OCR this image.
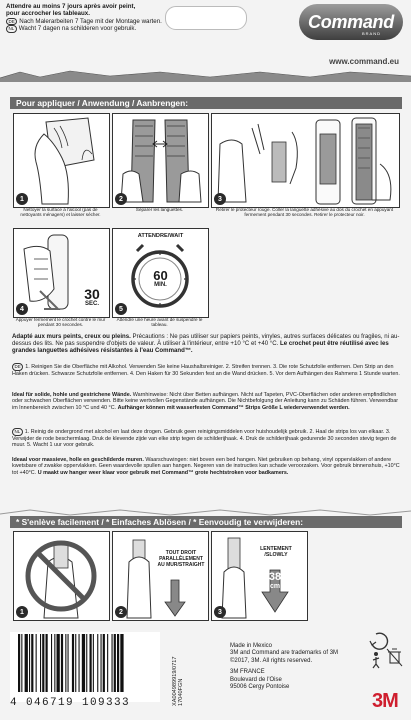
Attendre au moins 7 jours après avoir peint,
pour accrocher les tableaux.
DE Nach Malerarbeiten 7 Tage mit der Montage warten.
NL Wacht 7 dagen na schilderen voor gebruik.	Command
BRAND
www.command.eu
Pour appliquer / Anwendung / Aanbrengen:
1
Nettoyer la surface à l'alcool (pas de nettoyants ménagers) et laisser sécher.
2
Séparer les languettes.
3
Retirer le protecteur rouge. Coller la languette adhésive au dos du crochet en appuyant fermement pendant 30 secondes. Retirer le protecteur noir.
30
SEC.
4
Appuyer fermement le crochet contre le mur pendant 30 secondes.
ATTENDRE/WAIT
60
MIN.
5
Attendre une heure avant de suspendre le tableau.
Adapté aux murs peints, creux ou pleins. Précautions : Ne pas utiliser sur papiers peints, vinyles, autres surfaces délicates ou fragiles, ni au-dessus des lits. Ne pas suspendre d'objets de valeur. À utiliser à l'intérieur, entre +10 °C et +40 °C. Le crochet peut être réutilisé avec les grandes languettes adhésives résistantes à l'eau Command™.
DE 1. Reinigen Sie die Oberfläche mit Alkohol. Verwenden Sie keine Haushaltsreiniger. 2. Streifen trennen. 3. Die rote Schutzfolie entfernen. Den Strip an den Haken drücken. Schwarze Schutzfolie entfernen. 4. Den Haken für 30 Sekunden fest an die Wand drücken. 5. Vor dem Aufhängen des Rahmens 1 Stunde warten.
Ideal für solide, hohle und gestrichene Wände. Warnhinweise: Nicht über Betten aufhängen. Nicht auf Tapeten, PVC-Oberflächen oder anderen empfindlichen oder schwachen Oberflächen verwenden. Bitte keine wertvollen Gegenstände aufhängen. Die Nichtbefolgung der Anleitung kann zu Schäden führen. Verwendbar im Innenbereich zwischen 10 °C und 40 °C. Aufhänger können mit wasserfesten Command™ Strips Größe L wiederverwendet werden.
NL 1. Reinig de ondergrond met alcohol en laat deze drogen. Gebruik geen reinigingsmiddelen voor huishoudelijk gebruik. 2. Haal de strips los van elkaar. 3. Verwijder de rode beschermlaag. Druk de klevende zijde van elke strip tegen de schilderijhaak. 4. Druk de schilderijhaak gedurende 30 seconden stevig tegen de muur. 5. Wacht 1 uur voor gebruik.
Ideaal voor massieve, holle en geschilderde muren. Waarschuwingen: niet boven een bed hangen. Niet gebruiken op behang, vinyl oppervlakken of andere kwetsbare of zwakke oppervlakken. Geen waardevolle spullen aan hangen. Negeren van de instructies kan schade veroorzaken. Voor gebruik binnenshuis, +10°C tot +40°C. U maakt uw hanger weer klaar voor gebruik met Command™ grote hechtstroken voor badkamers.
* S'enlève facilement / * Einfaches Ablösen / * Eenvoudig te verwijderen:
1
TOUT DROIT
PARALLÈLEMENT
AU MUR/STRAIGHT
2
LENTEMENT
/SLOWLY
38
cm
3
4 046719 109333	XA004989919/0717 17040FGN
Made in Mexico
3M and Command are trademarks of 3M
©2017, 3M. All rights reserved.
3M FRANCE
Boulevard de l'Oise
95006 Cergy Pontoise
3M
